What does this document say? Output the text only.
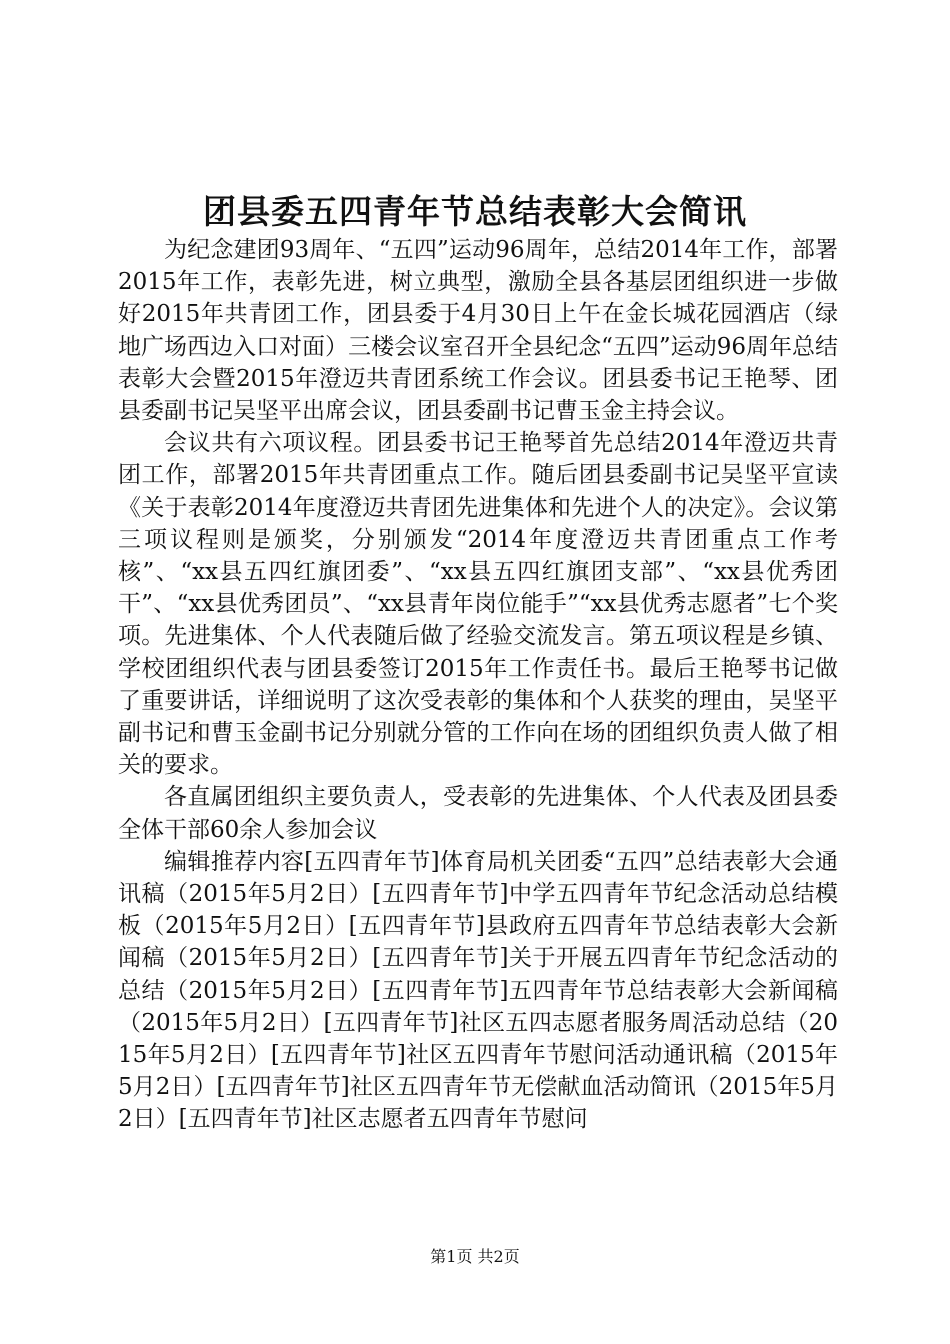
团县委五四青年节总结表彰大会简讯

为纪念建团93周年、“五四”运动96周年，总结2014年工作，部署2015年工作，表彰先进，树立典型，激励全县各基层团组织进一步做好2015年共青团工作，团县委于4月30日上午在金长城花园酒店（绿地广场西边入口对面）三楼会议室召开全县纪念“五四”运动96周年总结表彰大会暨2015年澄迈共青团系统工作会议。团县委书记王艳琴、团县委副书记吴坚平出席会议，团县委副书记曹玉金主持会议。

会议共有六项议程。团县委书记王艳琴首先总结2014年澄迈共青团工作，部署2015年共青团重点工作。随后团县委副书记吴坚平宣读《关于表彰2014年度澄迈共青团先进集体和先进个人的决定》。会议第三项议程则是颁奖，分别颁发“2014年度澄迈共青团重点工作考核”、“xx县五四红旗团委”、“xx县五四红旗团支部”、“xx县优秀团干”、“xx县优秀团员”、“xx县青年岗位能手”“xx县优秀志愿者”七个奖项。先进集体、个人代表随后做了经验交流发言。第五项议程是乡镇、学校团组织代表与团县委签订2015年工作责任书。最后王艳琴书记做了重要讲话，详细说明了这次受表彰的集体和个人获奖的理由，吴坚平副书记和曹玉金副书记分别就分管的工作向在场的团组织负责人做了相关的要求。

各直属团组织主要负责人，受表彰的先进集体、个人代表及团县委全体干部60余人参加会议

编辑推荐内容[五四青年节]体育局机关团委“五四”总结表彰大会通讯稿（2015年5月2日）[五四青年节]中学五四青年节纪念活动总结模板（2015年5月2日）[五四青年节]县政府五四青年节总结表彰大会新闻稿（2015年5月2日）[五四青年节]关于开展五四青年节纪念活动的总结（2015年5月2日）[五四青年节]五四青年节总结表彰大会新闻稿（2015年5月2日）[五四青年节]社区五四志愿者服务周活动总结（2015年5月2日）[五四青年节]社区五四青年节慰问活动通讯稿（2015年5月2日）[五四青年节]社区五四青年节无偿献血活动简讯（2015年5月2日）[五四青年节]社区志愿者五四青年节慰问

第1页 共2页
